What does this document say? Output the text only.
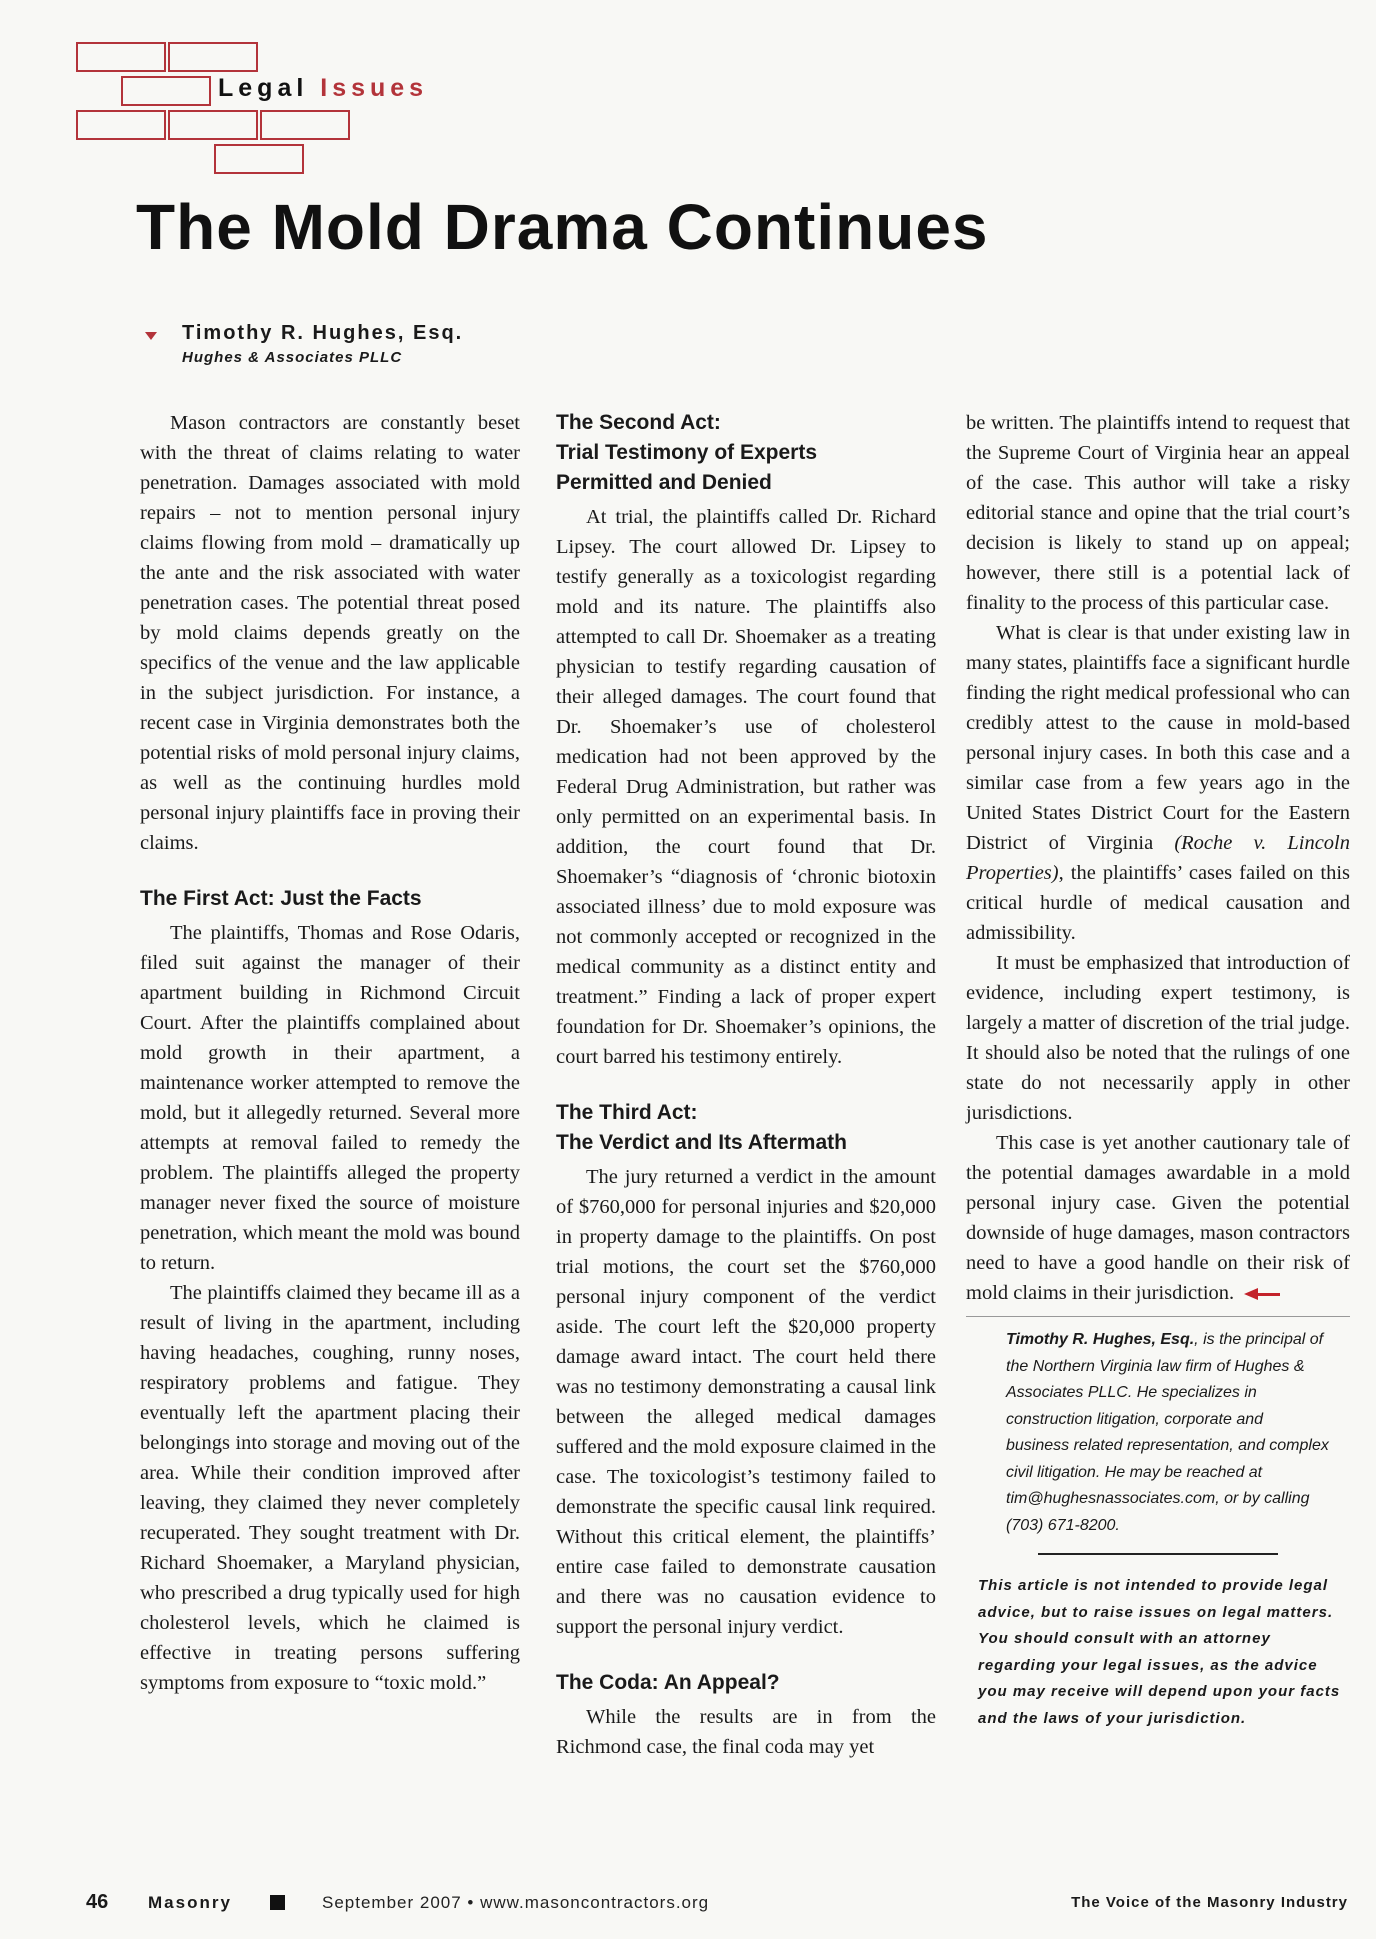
Legal Issues
The Mold Drama Continues
Timothy R. Hughes, Esq.
Hughes & Associates PLLC

Mason contractors are constantly beset with the threat of claims relating to water penetration. Damages associated with mold repairs – not to mention personal injury claims flowing from mold – dramatically up the ante and the risk associated with water penetration cases. The potential threat posed by mold claims depends greatly on the specifics of the venue and the law applicable in the subject jurisdiction. For instance, a recent case in Virginia demonstrates both the potential risks of mold personal injury claims, as well as the continuing hurdles mold personal injury plaintiffs face in proving their claims.

The First Act: Just the Facts

The plaintiffs, Thomas and Rose Odaris, filed suit against the manager of their apartment building in Richmond Circuit Court. After the plaintiffs complained about mold growth in their apartment, a maintenance worker attempted to remove the mold, but it allegedly returned. Several more attempts at removal failed to remedy the problem. The plaintiffs alleged the property manager never fixed the source of moisture penetration, which meant the mold was bound to return.

The plaintiffs claimed they became ill as a result of living in the apartment, including having headaches, coughing, runny noses, respiratory problems and fatigue. They eventually left the apartment placing their belongings into storage and moving out of the area. While their condition improved after leaving, they claimed they never completely recuperated. They sought treatment with Dr. Richard Shoemaker, a Maryland physician, who prescribed a drug typically used for high cholesterol levels, which he claimed is effective in treating persons suffering symptoms from exposure to “toxic mold.”

The Second Act:
Trial Testimony of Experts
Permitted and Denied

At trial, the plaintiffs called Dr. Richard Lipsey. The court allowed Dr. Lipsey to testify generally as a toxicologist regarding mold and its nature. The plaintiffs also attempted to call Dr. Shoemaker as a treating physician to testify regarding causation of their alleged damages. The court found that Dr. Shoemaker’s use of cholesterol medication had not been approved by the Federal Drug Administration, but rather was only permitted on an experimental basis. In addition, the court found that Dr. Shoemaker’s “diagnosis of ‘chronic biotoxin associated illness’ due to mold exposure was not commonly accepted or recognized in the medical community as a distinct entity and treatment.” Finding a lack of proper expert foundation for Dr. Shoemaker’s opinions, the court barred his testimony entirely.

The Third Act:
The Verdict and Its Aftermath

The jury returned a verdict in the amount of $760,000 for personal injuries and $20,000 in property damage to the plaintiffs. On post trial motions, the court set the $760,000 personal injury component of the verdict aside. The court left the $20,000 property damage award intact. The court held there was no testimony demonstrating a causal link between the alleged medical damages suffered and the mold exposure claimed in the case. The toxicologist’s testimony failed to demonstrate the specific causal link required. Without this critical element, the plaintiffs’ entire case failed to demonstrate causation and there was no causation evidence to support the personal injury verdict.

The Coda: An Appeal?

While the results are in from the Richmond case, the final coda may yet

be written. The plaintiffs intend to request that the Supreme Court of Virginia hear an appeal of the case. This author will take a risky editorial stance and opine that the trial court’s decision is likely to stand up on appeal; however, there still is a potential lack of finality to the process of this particular case.

What is clear is that under existing law in many states, plaintiffs face a significant hurdle finding the right medical professional who can credibly attest to the cause in mold-based personal injury cases. In both this case and a similar case from a few years ago in the United States District Court for the Eastern District of Virginia (Roche v. Lincoln Properties), the plaintiffs’ cases failed on this critical hurdle of medical causation and admissibility.

It must be emphasized that introduction of evidence, including expert testimony, is largely a matter of discretion of the trial judge. It should also be noted that the rulings of one state do not necessarily apply in other jurisdictions.

This case is yet another cautionary tale of the potential damages awardable in a mold personal injury case. Given the potential downside of huge damages, mason contractors need to have a good handle on their risk of mold claims in their jurisdiction.

Timothy R. Hughes, Esq., is the principal of the Northern Virginia law firm of Hughes & Associates PLLC. He specializes in construction litigation, corporate and business related representation, and complex civil litigation. He may be reached at tim@hughesnassociates.com, or by calling (703) 671-8200.
This article is not intended to provide legal advice, but to raise issues on legal matters. You should consult with an attorney regarding your legal issues, as the advice you may receive will depend upon your facts and the laws of your jurisdiction.
46 Masonry	September 2007 • www.masoncontractors.org	The Voice of the Masonry Industry
